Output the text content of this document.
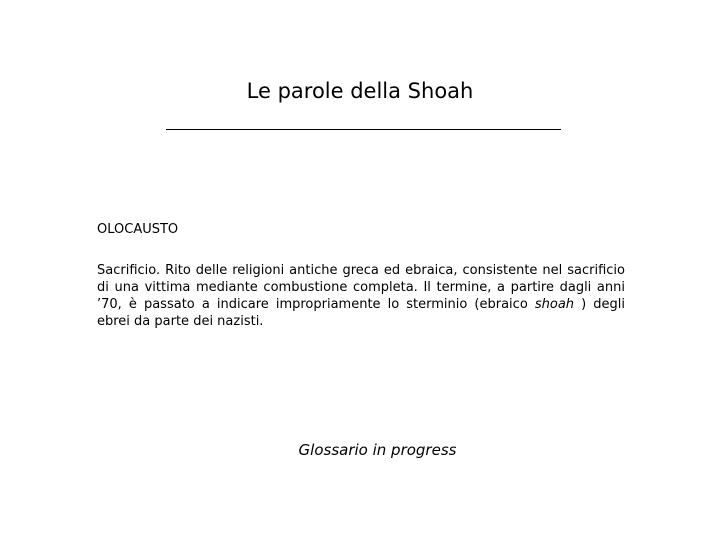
Le parole della Shoah
OLOCAUSTO
Sacrificio. Rito delle religioni antiche greca ed ebraica, consistente nel sacrificio di una vittima mediante combustione completa. Il termine, a partire dagli anni ’70, è passato a indicare impropriamente lo sterminio (ebraico shoah ) degli ebrei da parte dei nazisti.
Glossario in progress
